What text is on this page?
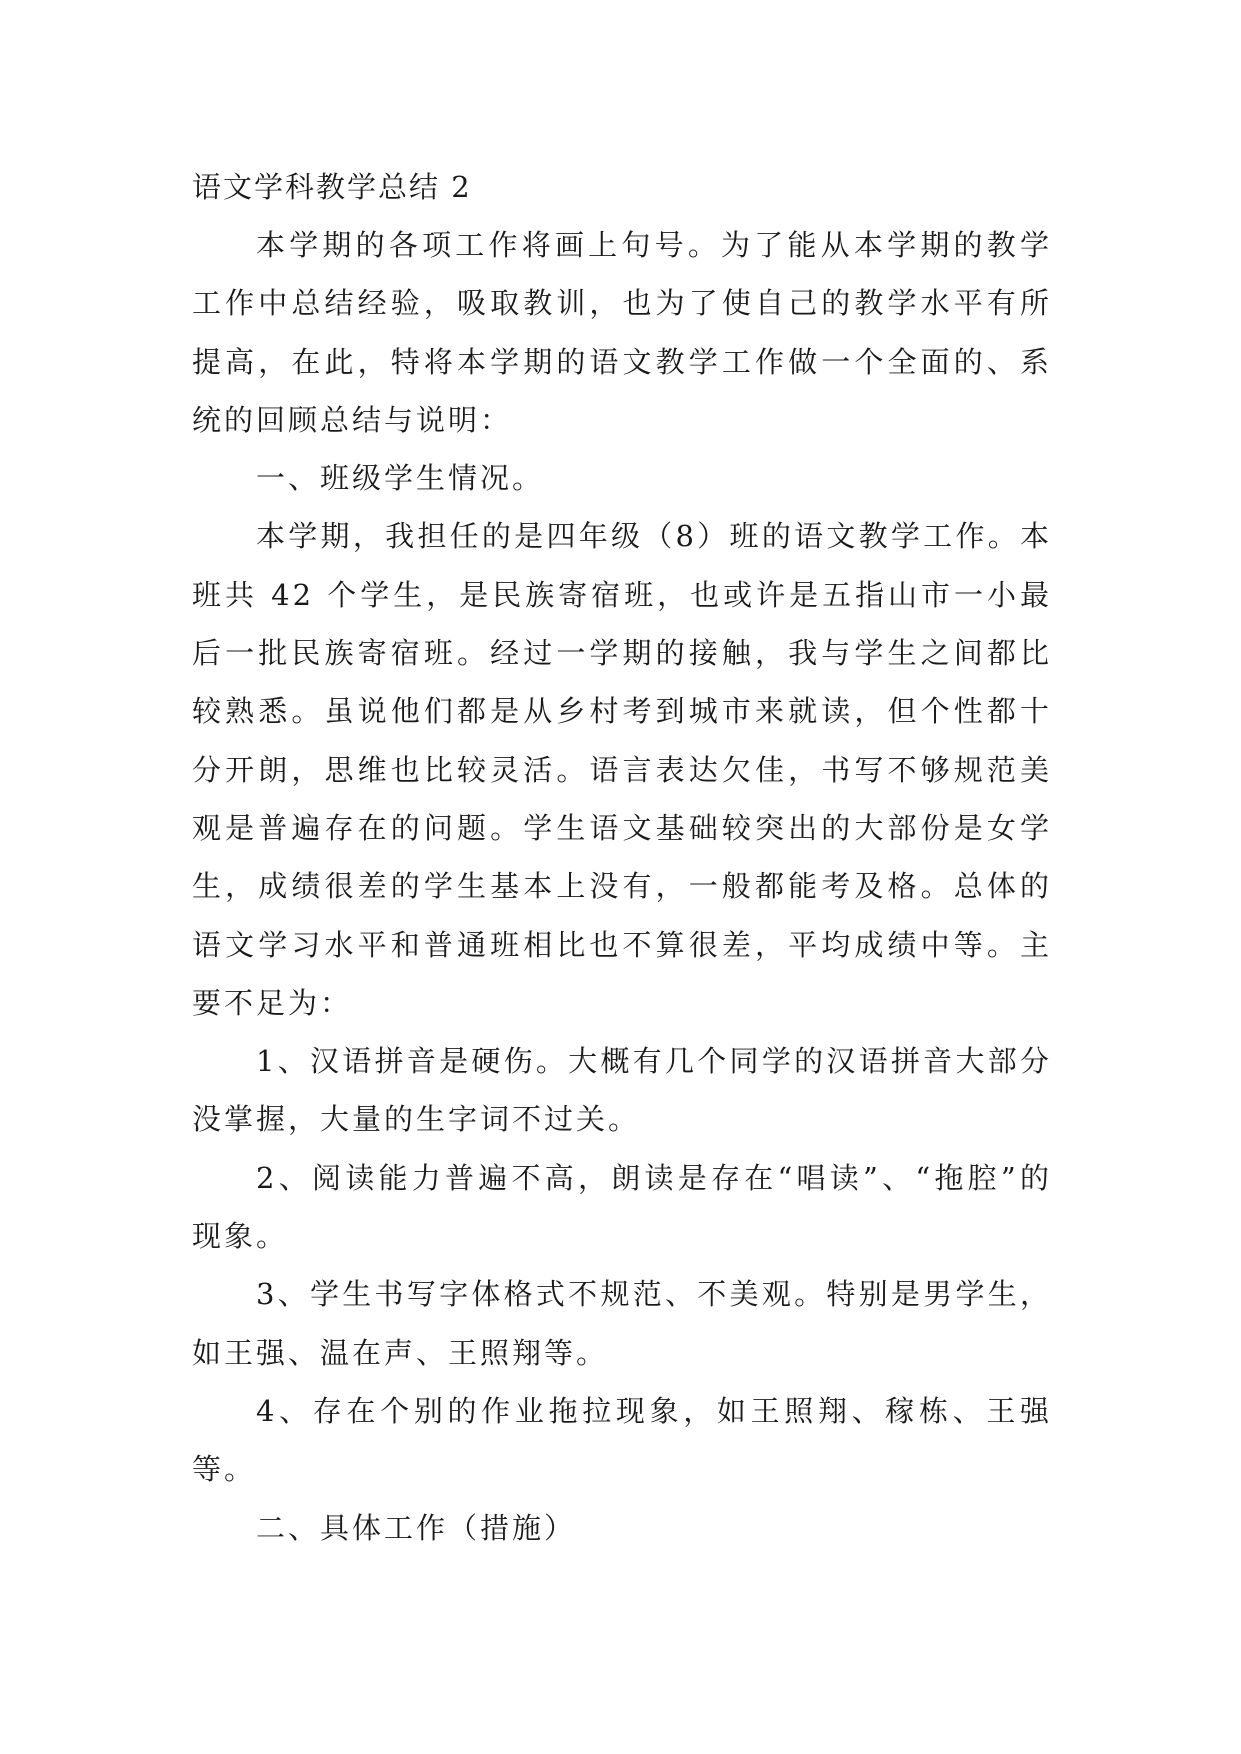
语文学科教学总结 2

本学期的各项工作将画上句号。为了能从本学期的教学工作中总结经验，吸取教训，也为了使自己的教学水平有所提高，在此，特将本学期的语文教学工作做一个全面的、系统的回顾总结与说明：

一、班级学生情况。

本学期，我担任的是四年级（8）班的语文教学工作。本班共 42 个学生，是民族寄宿班，也或许是五指山市一小最后一批民族寄宿班。经过一学期的接触，我与学生之间都比较熟悉。虽说他们都是从乡村考到城市来就读，但个性都十分开朗，思维也比较灵活。语言表达欠佳，书写不够规范美观是普遍存在的问题。学生语文基础较突出的大部份是女学生，成绩很差的学生基本上没有，一般都能考及格。总体的语文学习水平和普通班相比也不算很差，平均成绩中等。主要不足为：

1、汉语拼音是硬伤。大概有几个同学的汉语拼音大部分没掌握，大量的生字词不过关。

2、阅读能力普遍不高，朗读是存在“唱读”、“拖腔”的现象。

3、学生书写字体格式不规范、不美观。特别是男学生，如王强、温在声、王照翔等。

4、存在个别的作业拖拉现象，如王照翔、稼栋、王强等。

二、具体工作（措施）
